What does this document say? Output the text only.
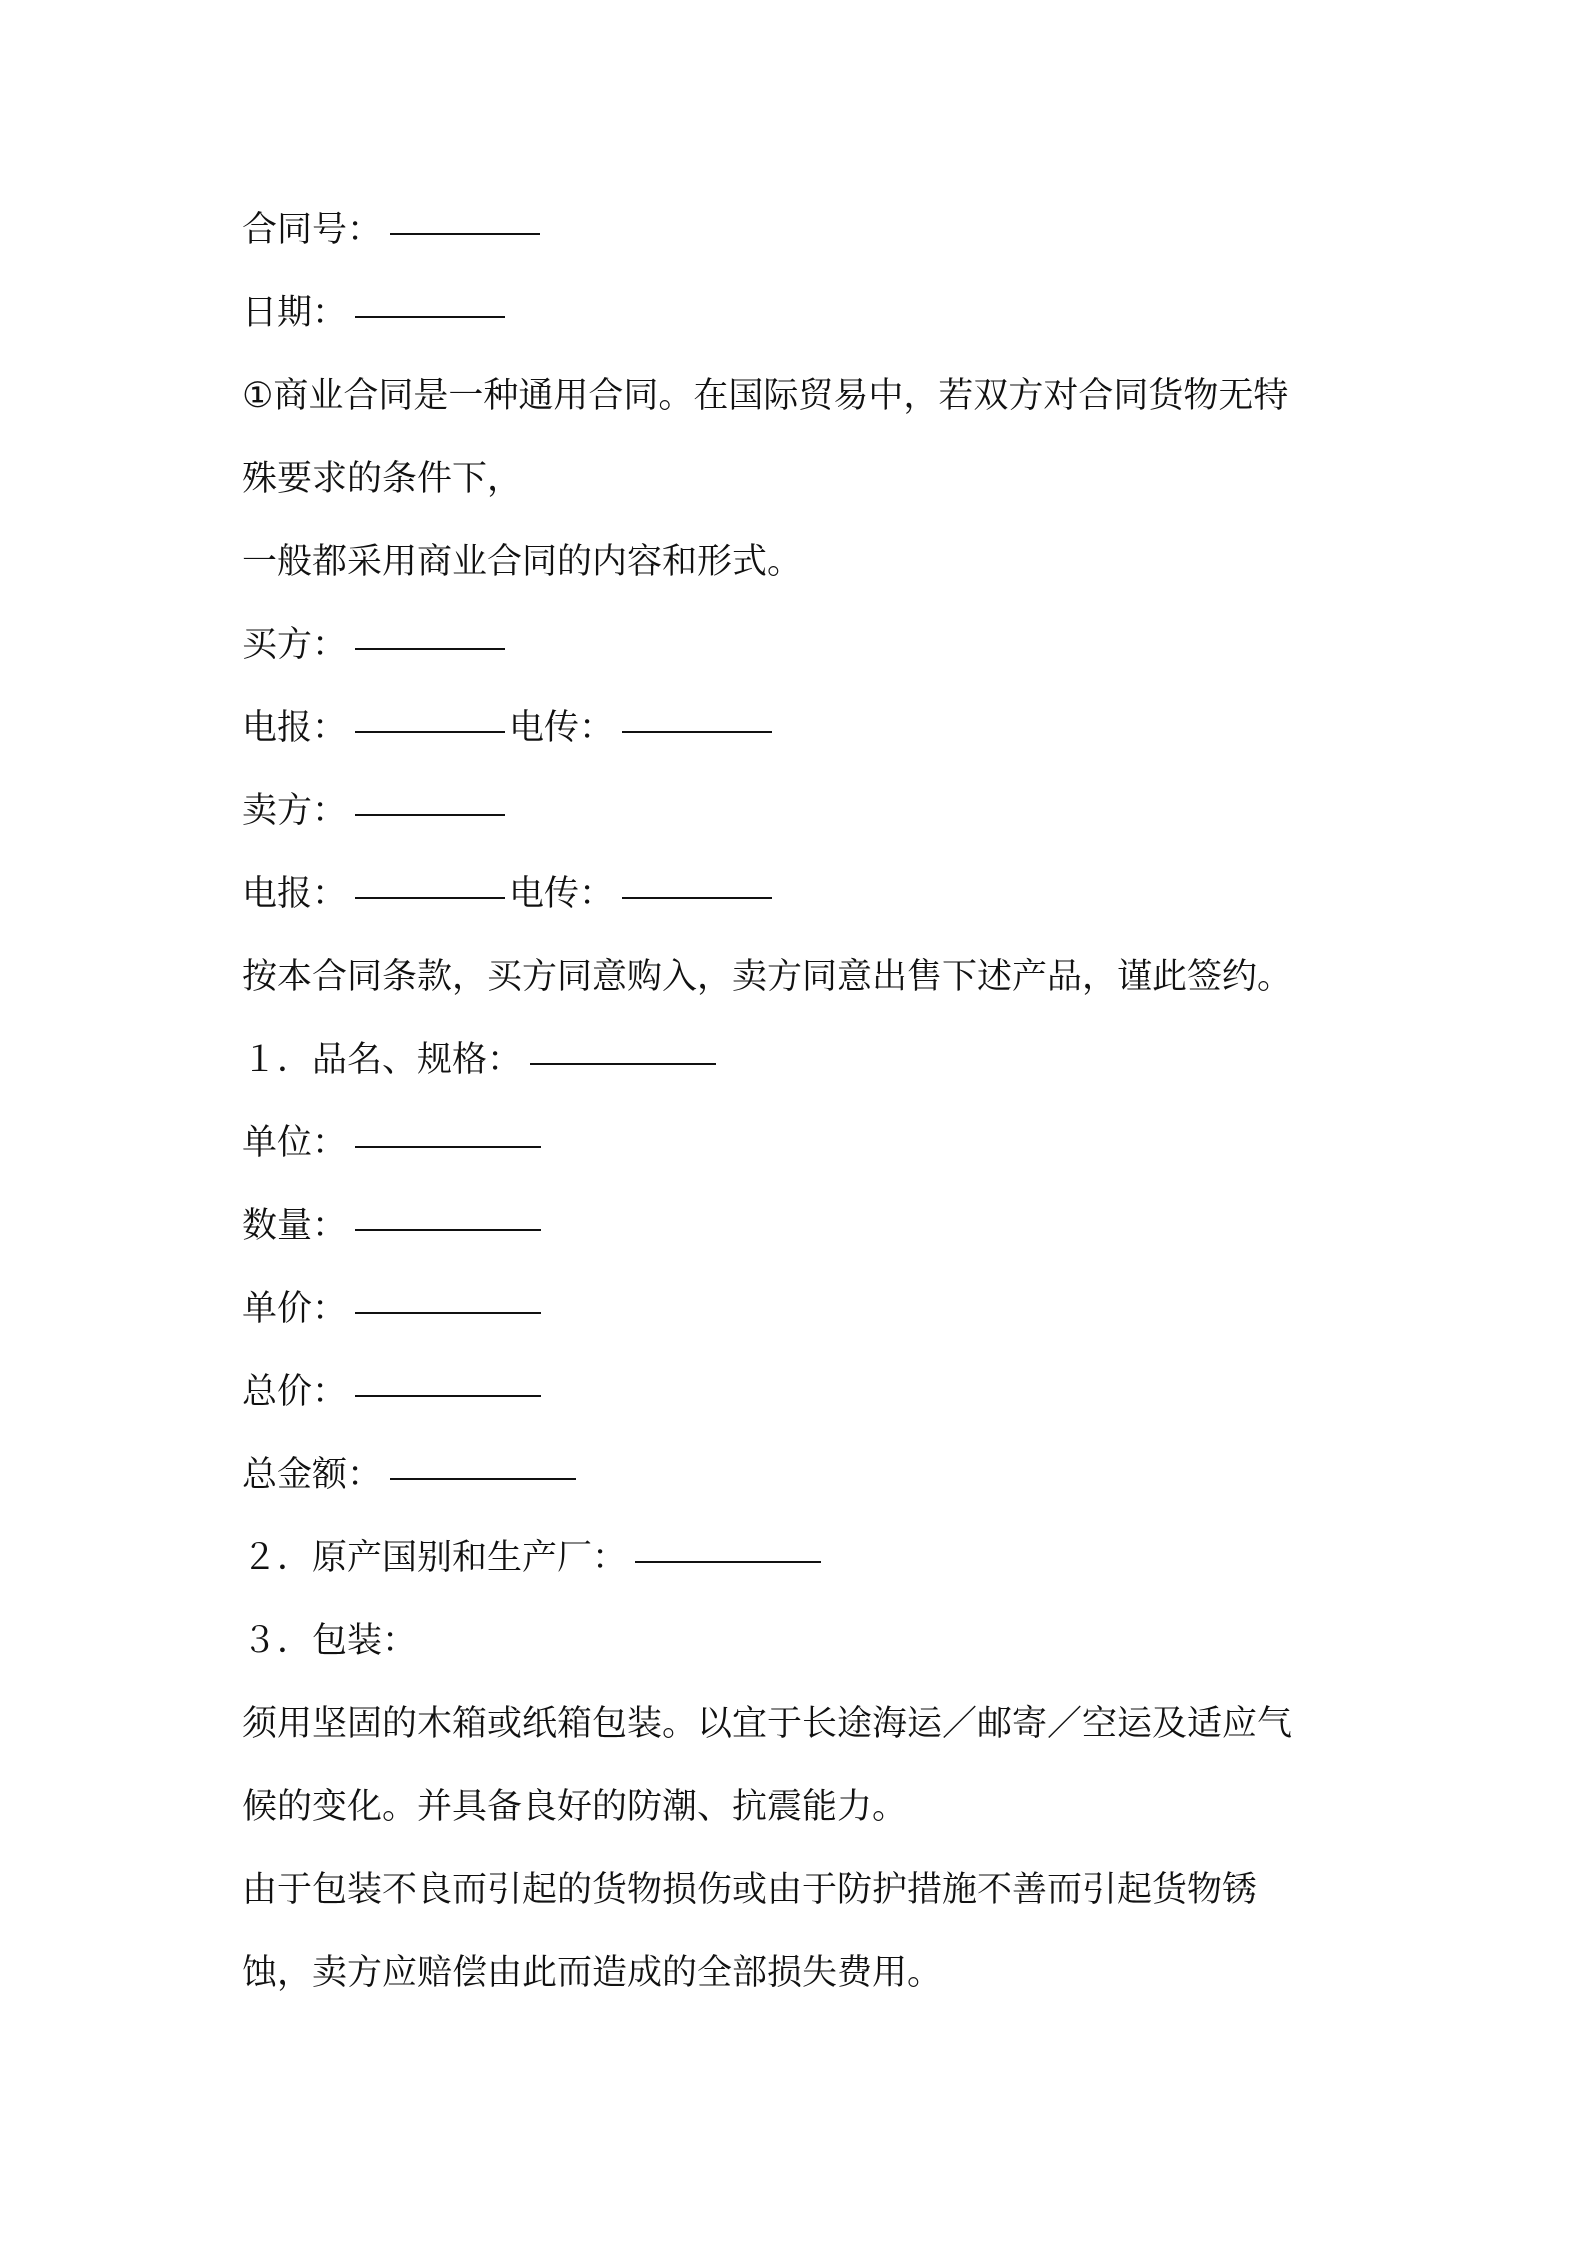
合同号：
日期：
①商业合同是一种通用合同。在国际贸易中，若双方对合同货物无特
殊要求的条件下，
一般都采用商业合同的内容和形式。
买方：
电报：	电传：
卖方：
电报：	电传：
按本合同条款，买方同意购入，卖方同意出售下述产品，谨此签约。
１．品名、规格：
单位：
数量：
单价：
总价：
总金额：
２．原产国别和生产厂：
３．包装：
须用坚固的木箱或纸箱包装。以宜于长途海运／邮寄／空运及适应气
候的变化。并具备良好的防潮、抗震能力。
由于包装不良而引起的货物损伤或由于防护措施不善而引起货物锈
蚀，卖方应赔偿由此而造成的全部损失费用。
